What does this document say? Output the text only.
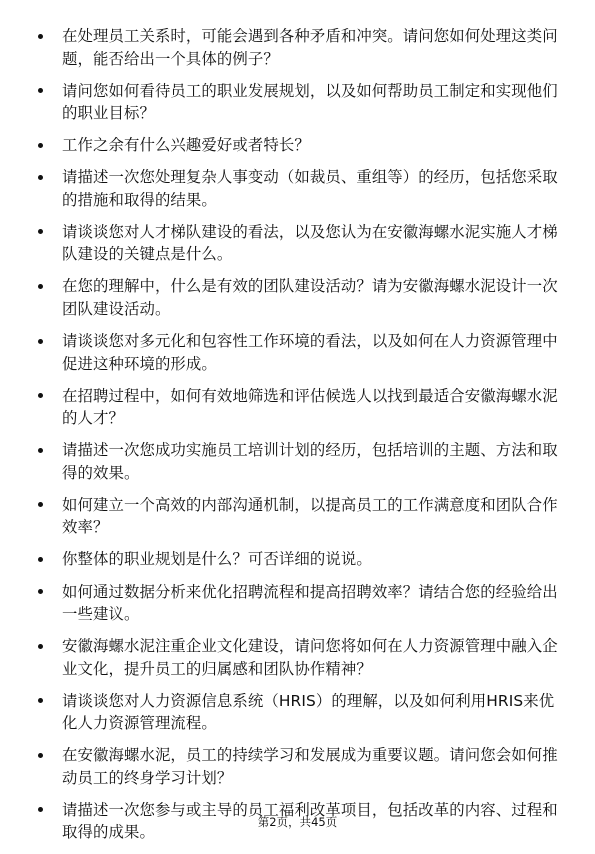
在处理员工关系时，可能会遇到各种矛盾和冲突。请问您如何处理这类问题，能否给出一个具体的例子？
请问您如何看待员工的职业发展规划，以及如何帮助员工制定和实现他们的职业目标？
工作之余有什么兴趣爱好或者特长？
请描述一次您处理复杂人事变动（如裁员、重组等）的经历，包括您采取的措施和取得的结果。
请谈谈您对人才梯队建设的看法，以及您认为在安徽海螺水泥实施人才梯队建设的关键点是什么。
在您的理解中，什么是有效的团队建设活动？请为安徽海螺水泥设计一次团队建设活动。
请谈谈您对多元化和包容性工作环境的看法，以及如何在人力资源管理中促进这种环境的形成。
在招聘过程中，如何有效地筛选和评估候选人以找到最适合安徽海螺水泥的人才？
请描述一次您成功实施员工培训计划的经历，包括培训的主题、方法和取得的效果。
如何建立一个高效的内部沟通机制，以提高员工的工作满意度和团队合作效率？
你整体的职业规划是什么？可否详细的说说。
如何通过数据分析来优化招聘流程和提高招聘效率？请结合您的经验给出一些建议。
安徽海螺水泥注重企业文化建设，请问您将如何在人力资源管理中融入企业文化，提升员工的归属感和团队协作精神？
请谈谈您对人力资源信息系统（HRIS）的理解，以及如何利用HRIS来优化人力资源管理流程。
在安徽海螺水泥，员工的持续学习和发展成为重要议题。请问您会如何推动员工的终身学习计划？
请描述一次您参与或主导的员工福利改革项目，包括改革的内容、过程和取得的成果。
第2页，共45页
